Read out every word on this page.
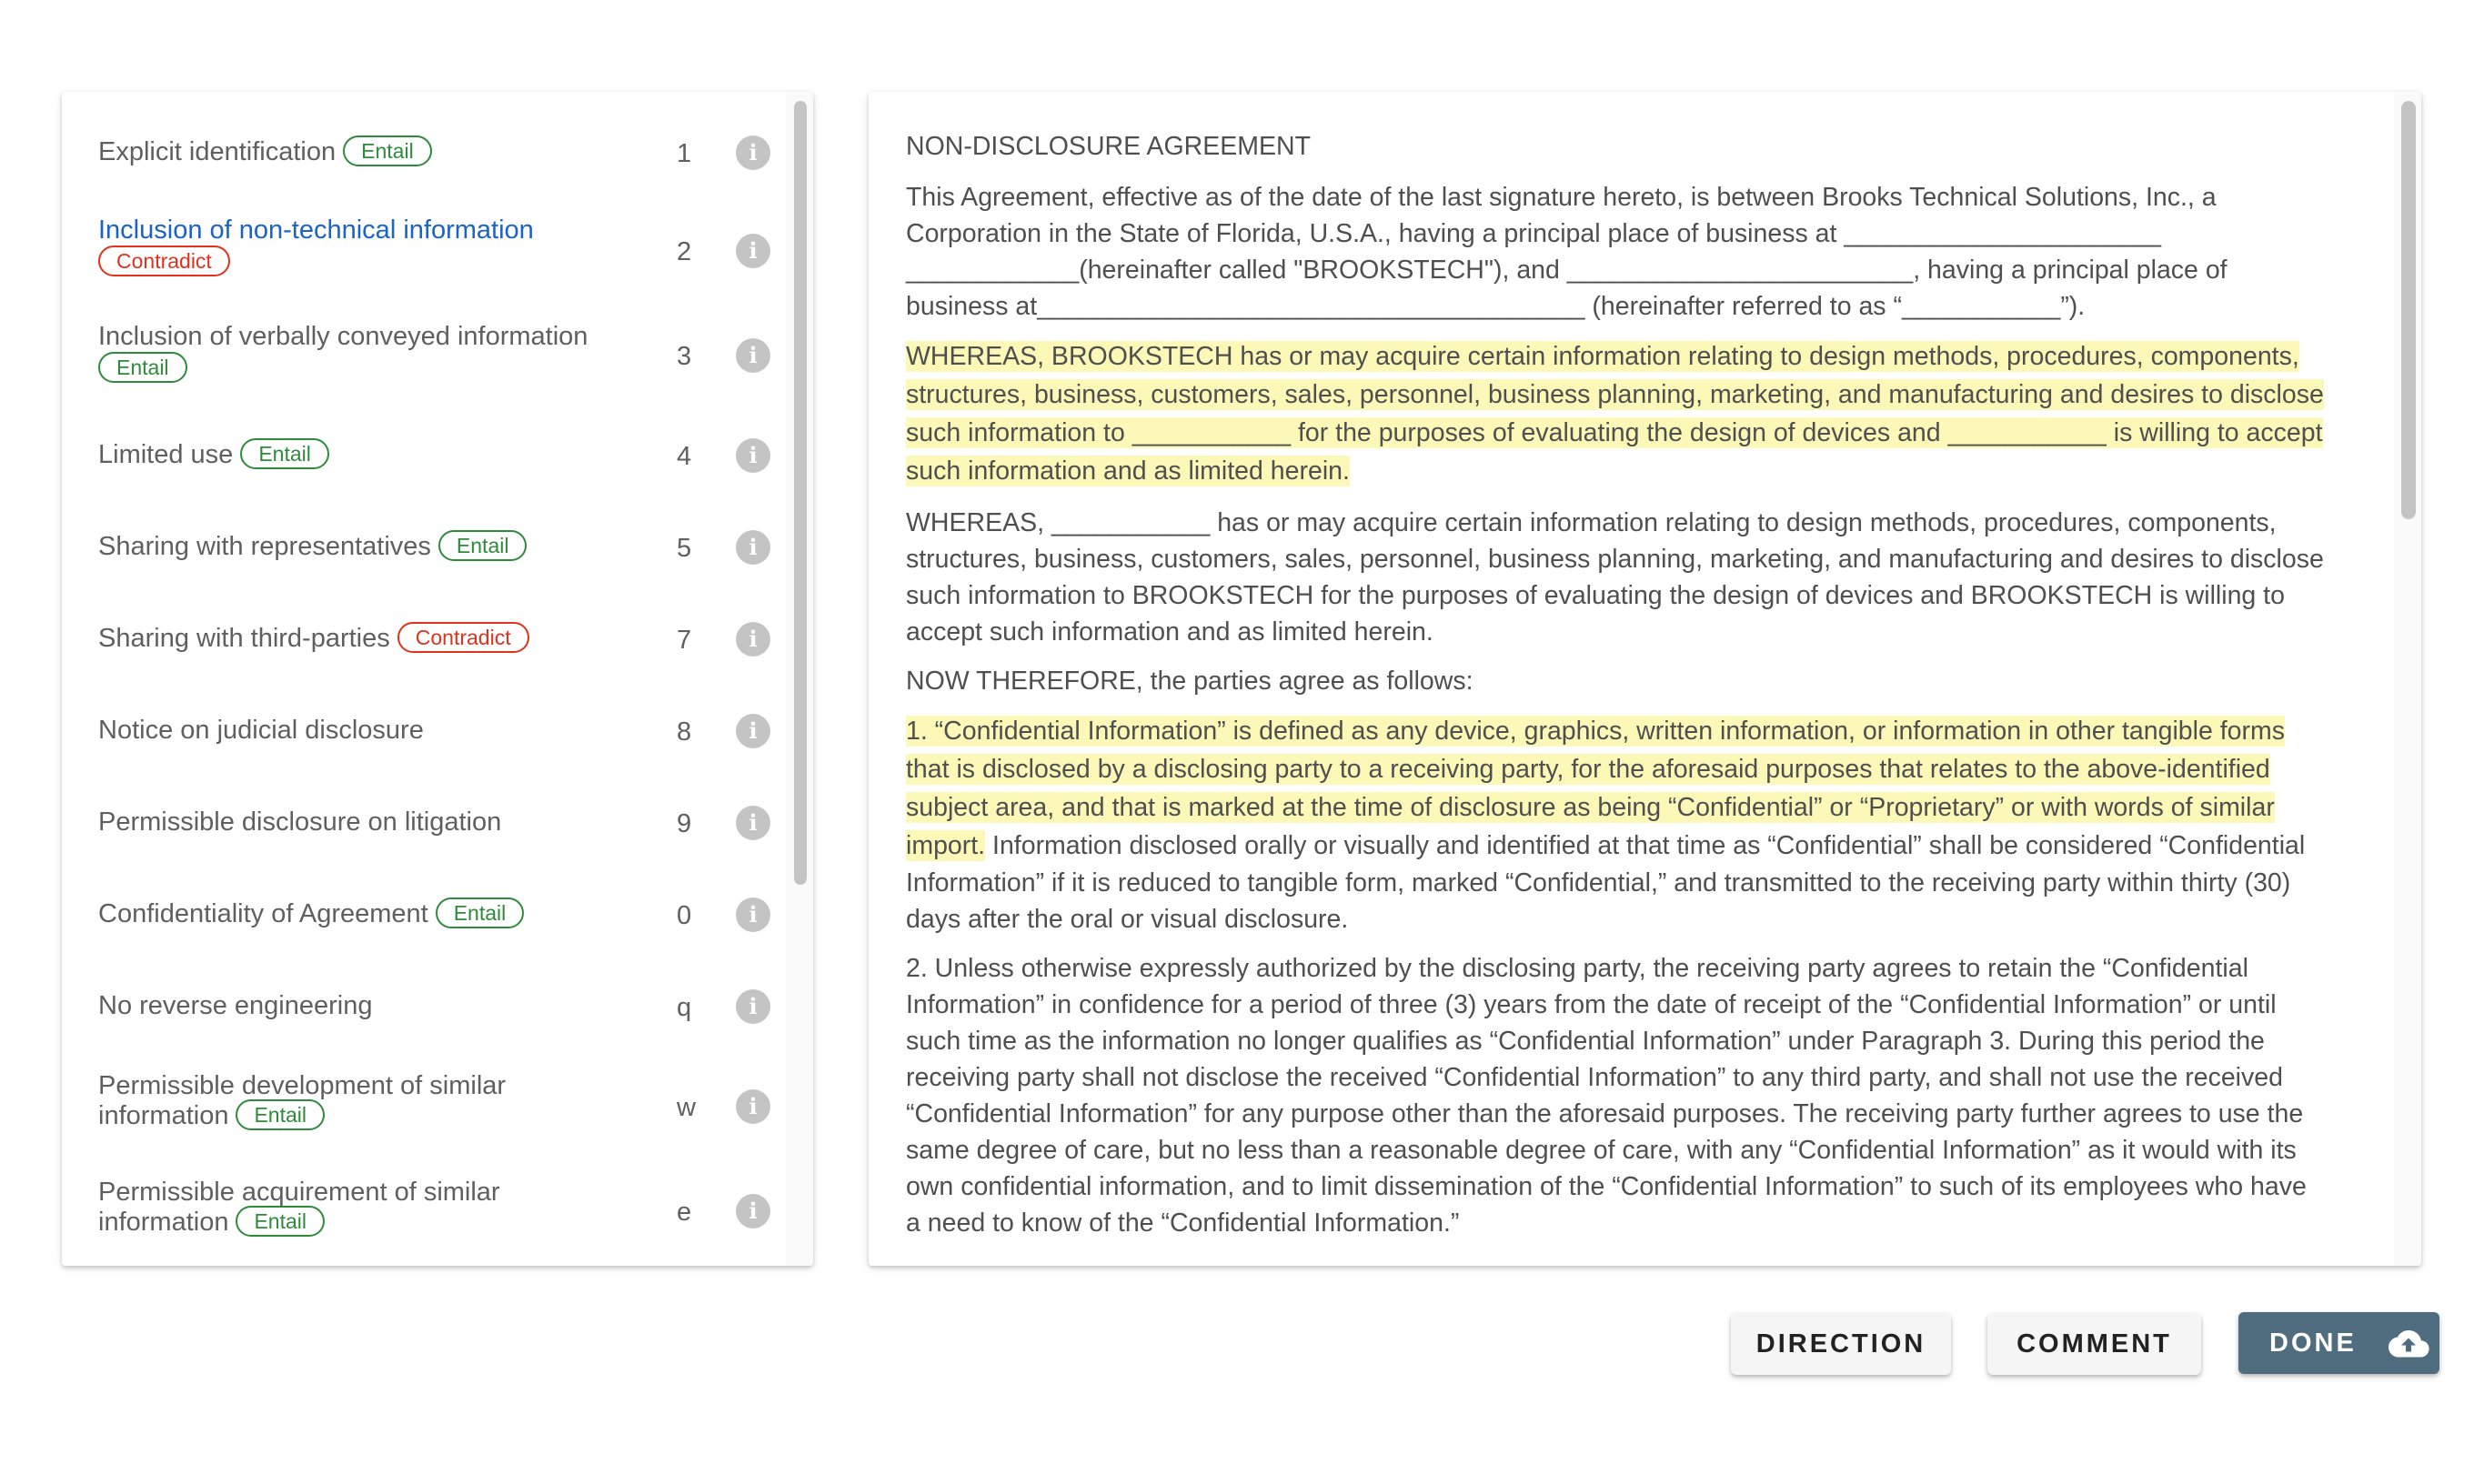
Explicit identification Entail	1	i
Inclusion of non-technical information
Contradict	2	i
Inclusion of verbally conveyed information
Entail	3	i
Limited use Entail	4	i
Sharing with representatives Entail	5	i
Sharing with third-parties Contradict	7	i
Notice on judicial disclosure	8	i
Permissible disclosure on litigation	9	i
Confidentiality of Agreement Entail	0	i
No reverse engineering	q	i
Permissible development of similar information Entail	w	i
Permissible acquirement of similar information Entail	e	i

NON-DISCLOSURE AGREEMENT

This Agreement, effective as of the date of the last signature hereto, is between Brooks Technical Solutions, Inc., a Corporation in the State of Florida, U.S.A., having a principal place of business at ______________________ ____________(hereinafter called "BROOKSTECH"), and ________________________, having a principal place of business at______________________________________ (hereinafter referred to as “___________”).

WHEREAS, BROOKSTECH has or may acquire certain information relating to design methods, procedures, components, structures, business, customers, sales, personnel, business planning, marketing, and manufacturing and desires to disclose such information to ___________ for the purposes of evaluating the design of devices and ___________ is willing to accept such information and as limited herein.

WHEREAS, ___________ has or may acquire certain information relating to design methods, procedures, components, structures, business, customers, sales, personnel, business planning, marketing, and manufacturing and desires to disclose such information to BROOKSTECH for the purposes of evaluating the design of devices and BROOKSTECH is willing to accept such information and as limited herein.

NOW THEREFORE, the parties agree as follows:

1. “Confidential Information” is defined as any device, graphics, written information, or information in other tangible forms that is disclosed by a disclosing party to a receiving party, for the aforesaid purposes that relates to the above-identified subject area, and that is marked at the time of disclosure as being “Confidential” or “Proprietary” or with words of similar import. Information disclosed orally or visually and identified at that time as “Confidential” shall be considered “Confidential Information” if it is reduced to tangible form, marked “Confidential,” and transmitted to the receiving party within thirty (30) days after the oral or visual disclosure.

2. Unless otherwise expressly authorized by the disclosing party, the receiving party agrees to retain the “Confidential Information” in confidence for a period of three (3) years from the date of receipt of the “Confidential Information” or until such time as the information no longer qualifies as “Confidential Information” under Paragraph 3. During this period the receiving party shall not disclose the received “Confidential Information” to any third party, and shall not use the received “Confidential Information” for any purpose other than the aforesaid purposes. The receiving party further agrees to use the same degree of care, but no less than a reasonable degree of care, with any “Confidential Information” as it would with its own confidential information, and to limit dissemination of the “Confidential Information” to such of its employees who have a need to know of the “Confidential Information.”

DIRECTION	COMMENT	DONE
